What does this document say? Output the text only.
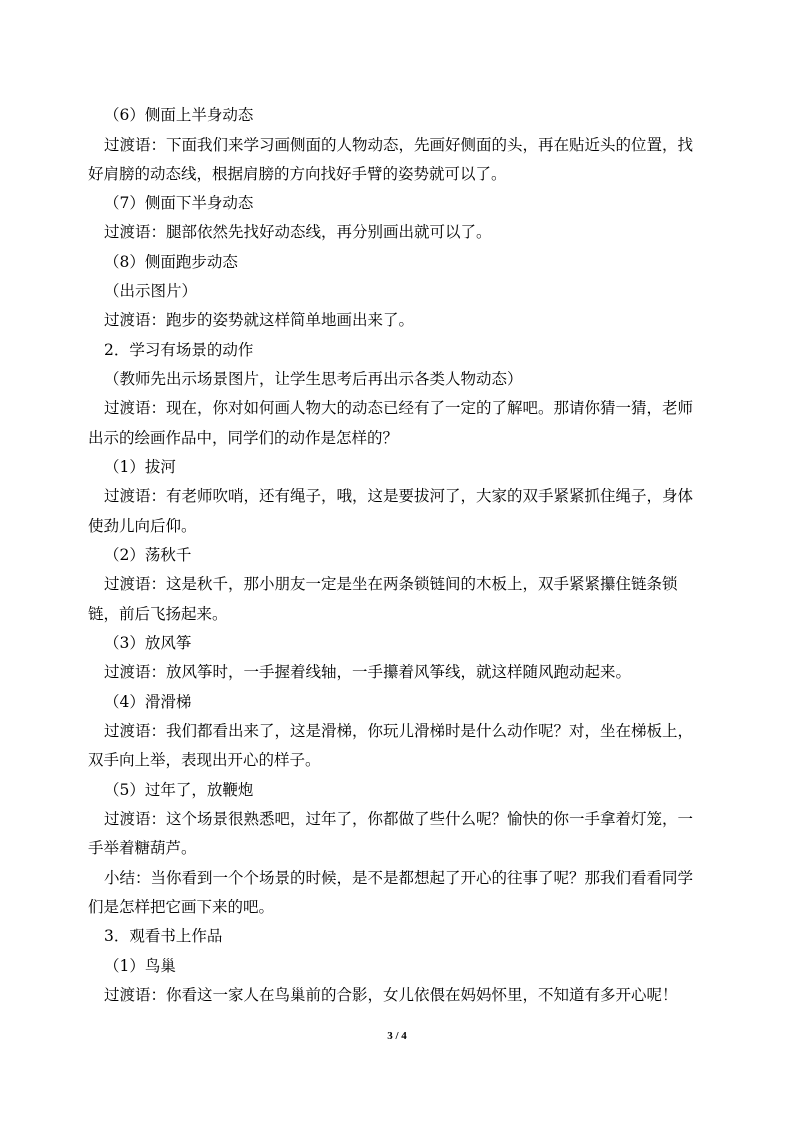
（6）侧面上半身动态
过渡语：下面我们来学习画侧面的人物动态，先画好侧面的头，再在贴近头的位置，找
好肩膀的动态线，根据肩膀的方向找好手臂的姿势就可以了。
（7）侧面下半身动态
过渡语：腿部依然先找好动态线，再分别画出就可以了。
（8）侧面跑步动态
（出示图片）
过渡语：跑步的姿势就这样简单地画出来了。
2．学习有场景的动作
（教师先出示场景图片，让学生思考后再出示各类人物动态）
过渡语：现在，你对如何画人物大的动态已经有了一定的了解吧。那请你猜一猜，老师
出示的绘画作品中，同学们的动作是怎样的？
（1）拔河
过渡语：有老师吹哨，还有绳子，哦，这是要拔河了，大家的双手紧紧抓住绳子，身体
使劲儿向后仰。
（2）荡秋千
过渡语：这是秋千，那小朋友一定是坐在两条锁链间的木板上，双手紧紧攥住链条锁
链，前后飞扬起来。
（3）放风筝
过渡语：放风筝时，一手握着线轴，一手攥着风筝线，就这样随风跑动起来。
（4）滑滑梯
过渡语：我们都看出来了，这是滑梯，你玩儿滑梯时是什么动作呢？对，坐在梯板上，
双手向上举，表现出开心的样子。
（5）过年了，放鞭炮
过渡语：这个场景很熟悉吧，过年了，你都做了些什么呢？愉快的你一手拿着灯笼，一
手举着糖葫芦。
小结：当你看到一个个场景的时候，是不是都想起了开心的往事了呢？那我们看看同学
们是怎样把它画下来的吧。
3．观看书上作品
（1）鸟巢
过渡语：你看这一家人在鸟巢前的合影，女儿依偎在妈妈怀里，不知道有多开心呢！
3 / 4
